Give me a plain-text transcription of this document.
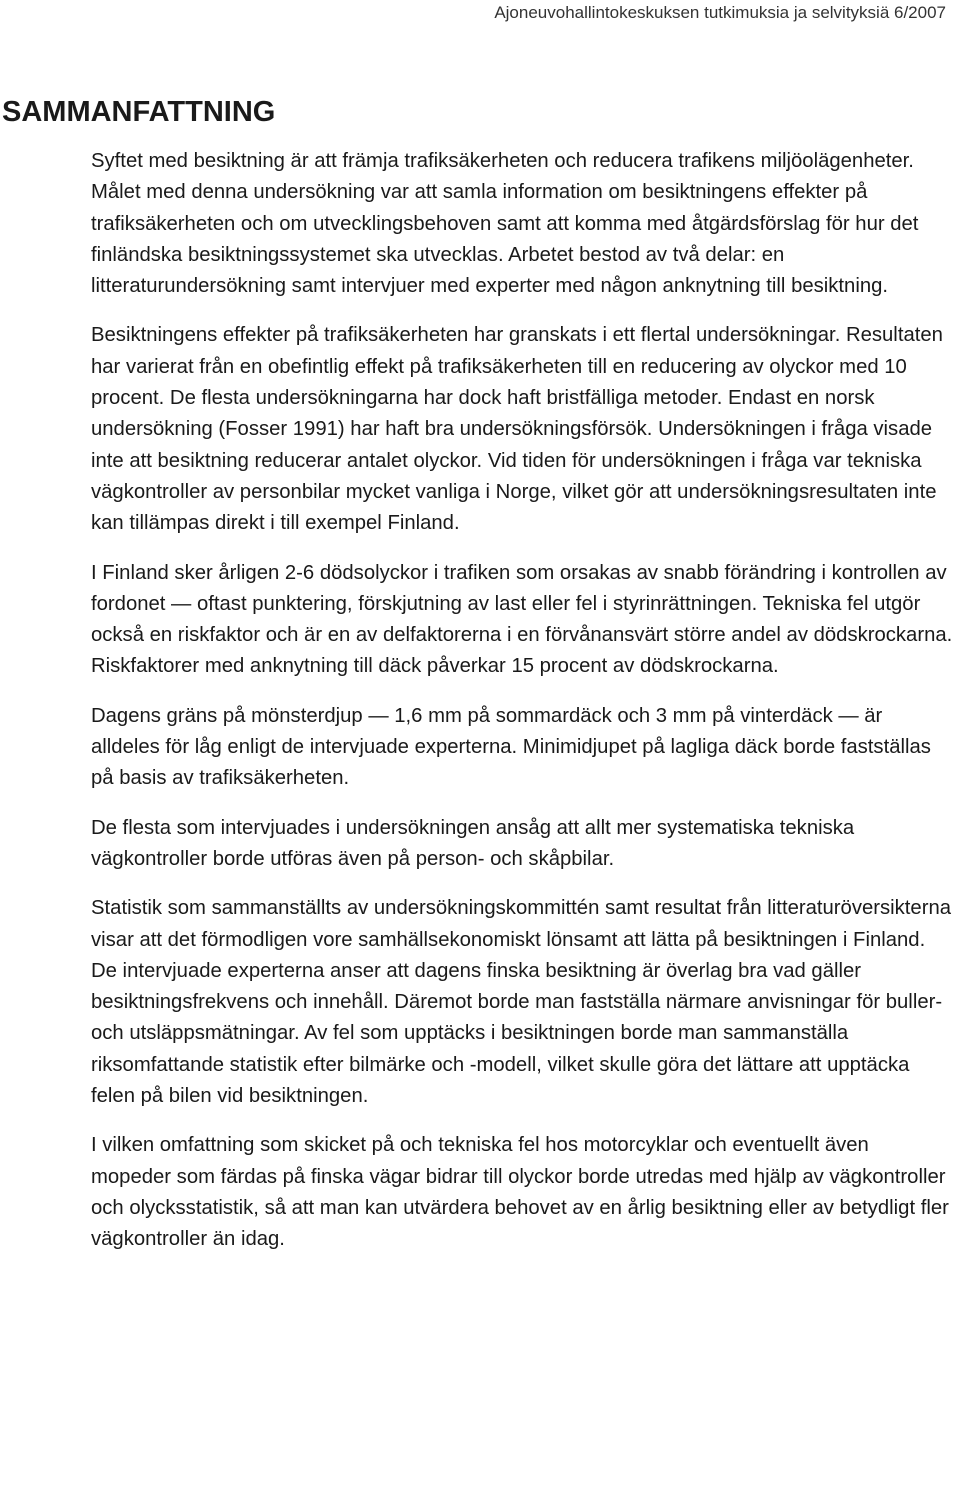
Ajoneuvohallintokeskuksen tutkimuksia ja selvityksiä 6/2007
SAMMANFATTNING

Syftet med besiktning är att främja trafiksäkerheten och reducera trafikens miljöolägenheter. Målet med denna undersökning var att samla information om besiktningens effekter på trafiksäkerheten och om utvecklingsbehoven samt att komma med åtgärdsförslag för hur det finländska besiktningssystemet ska utvecklas. Arbetet bestod av två delar: en litteraturundersökning samt intervjuer med experter med någon anknytning till besiktning.

Besiktningens effekter på trafiksäkerheten har granskats i ett flertal undersökningar. Resultaten har varierat från en obefintlig effekt på trafiksäkerheten till en reducering av olyckor med 10 procent. De flesta undersökningarna har dock haft bristfälliga metoder. Endast en norsk undersökning (Fosser 1991) har haft bra undersökningsförsök. Undersökningen i fråga visade inte att besiktning reducerar antalet olyckor. Vid tiden för undersökningen i fråga var tekniska vägkontroller av personbilar mycket vanliga i Norge, vilket gör att undersökningsresultaten inte kan tillämpas direkt i till exempel Finland.

I Finland sker årligen 2-6 dödsolyckor i trafiken som orsakas av snabb förändring i kontrollen av fordonet — oftast punktering, förskjutning av last eller fel i styrinrättningen. Tekniska fel utgör också en riskfaktor och är en av delfaktorerna i en förvånansvärt större andel av dödskrockarna. Riskfaktorer med anknytning till däck påverkar 15 procent av dödskrockarna.

Dagens gräns på mönsterdjup — 1,6 mm på sommardäck och 3 mm på vinterdäck — är alldeles för låg enligt de intervjuade experterna. Minimidjupet på lagliga däck borde fastställas på basis av trafiksäkerheten.

De flesta som intervjuades i undersökningen ansåg att allt mer systematiska tekniska vägkontroller borde utföras även på person- och skåpbilar.

Statistik som sammanställts av undersökningskommittén samt resultat från litteraturöversikterna visar att det förmodligen vore samhällsekonomiskt lönsamt att lätta på besiktningen i Finland. De intervjuade experterna anser att dagens finska besiktning är överlag bra vad gäller besiktningsfrekvens och innehåll. Däremot borde man fastställa närmare anvisningar för buller- och utsläppsmätningar. Av fel som upptäcks i besiktningen borde man sammanställa riksomfattande statistik efter bilmärke och -modell, vilket skulle göra det lättare att upptäcka felen på bilen vid besiktningen.

I vilken omfattning som skicket på och tekniska fel hos motorcyklar och eventuellt även mopeder som färdas på finska vägar bidrar till olyckor borde utredas med hjälp av vägkontroller och olycksstatistik, så att man kan utvärdera behovet av en årlig besiktning eller av betydligt fler vägkontroller än idag.
